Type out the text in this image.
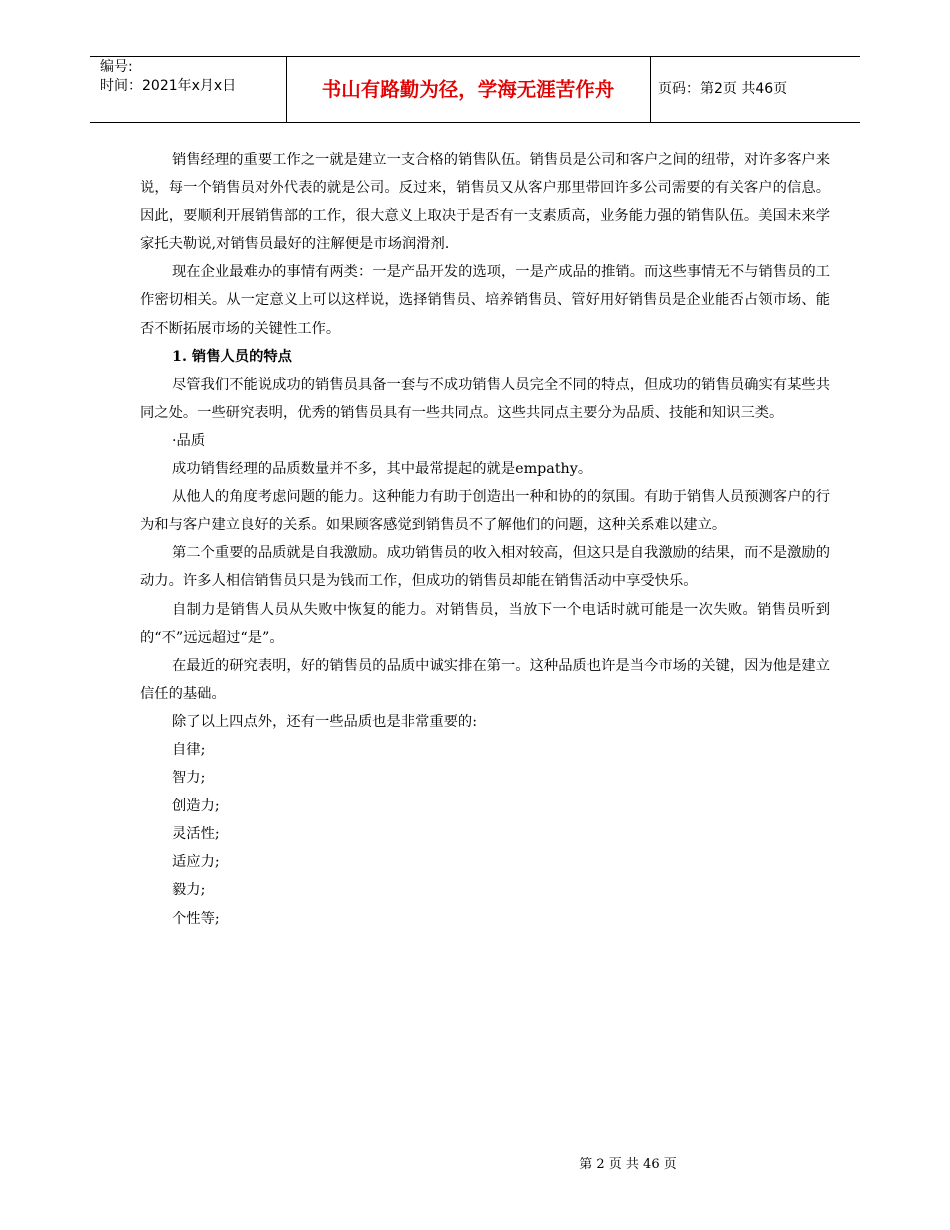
编号:
时间：2021年x月x日	书山有路勤为径，学海无涯苦作舟	页码：第2页 共46页

销售经理的重要工作之一就是建立一支合格的销售队伍。销售员是公司和客户之间的纽带，对许多客户来说，每一个销售员对外代表的就是公司。反过来，销售员又从客户那里带回许多公司需要的有关客户的信息。因此，要顺利开展销售部的工作，很大意义上取决于是否有一支素质高，业务能力强的销售队伍。美国未来学家托夫勒说,对销售员最好的注解便是市场润滑剂.

现在企业最难办的事情有两类：一是产品开发的选项，一是产成品的推销。而这些事情无不与销售员的工作密切相关。从一定意义上可以这样说，选择销售员、培养销售员、管好用好销售员是企业能否占领市场、能否不断拓展市场的关键性工作。

1. 销售人员的特点

尽管我们不能说成功的销售员具备一套与不成功销售人员完全不同的特点，但成功的销售员确实有某些共同之处。一些研究表明，优秀的销售员具有一些共同点。这些共同点主要分为品质、技能和知识三类。

·品质

成功销售经理的品质数量并不多，其中最常提起的就是empathy。

从他人的角度考虑问题的能力。这种能力有助于创造出一种和协的的氛围。有助于销售人员预测客户的行为和与客户建立良好的关系。如果顾客感觉到销售员不了解他们的问题，这种关系难以建立。

第二个重要的品质就是自我激励。成功销售员的收入相对较高，但这只是自我激励的结果，而不是激励的动力。许多人相信销售员只是为钱而工作，但成功的销售员却能在销售活动中享受快乐。

自制力是销售人员从失败中恢复的能力。对销售员，当放下一个电话时就可能是一次失败。销售员听到的“不”远远超过“是”。

在最近的研究表明，好的销售员的品质中诚实排在第一。这种品质也许是当今市场的关键，因为他是建立信任的基础。

除了以上四点外，还有一些品质也是非常重要的:

自律;

智力;

创造力;

灵活性;

适应力;

毅力;

个性等;

第 2 页 共 46 页
